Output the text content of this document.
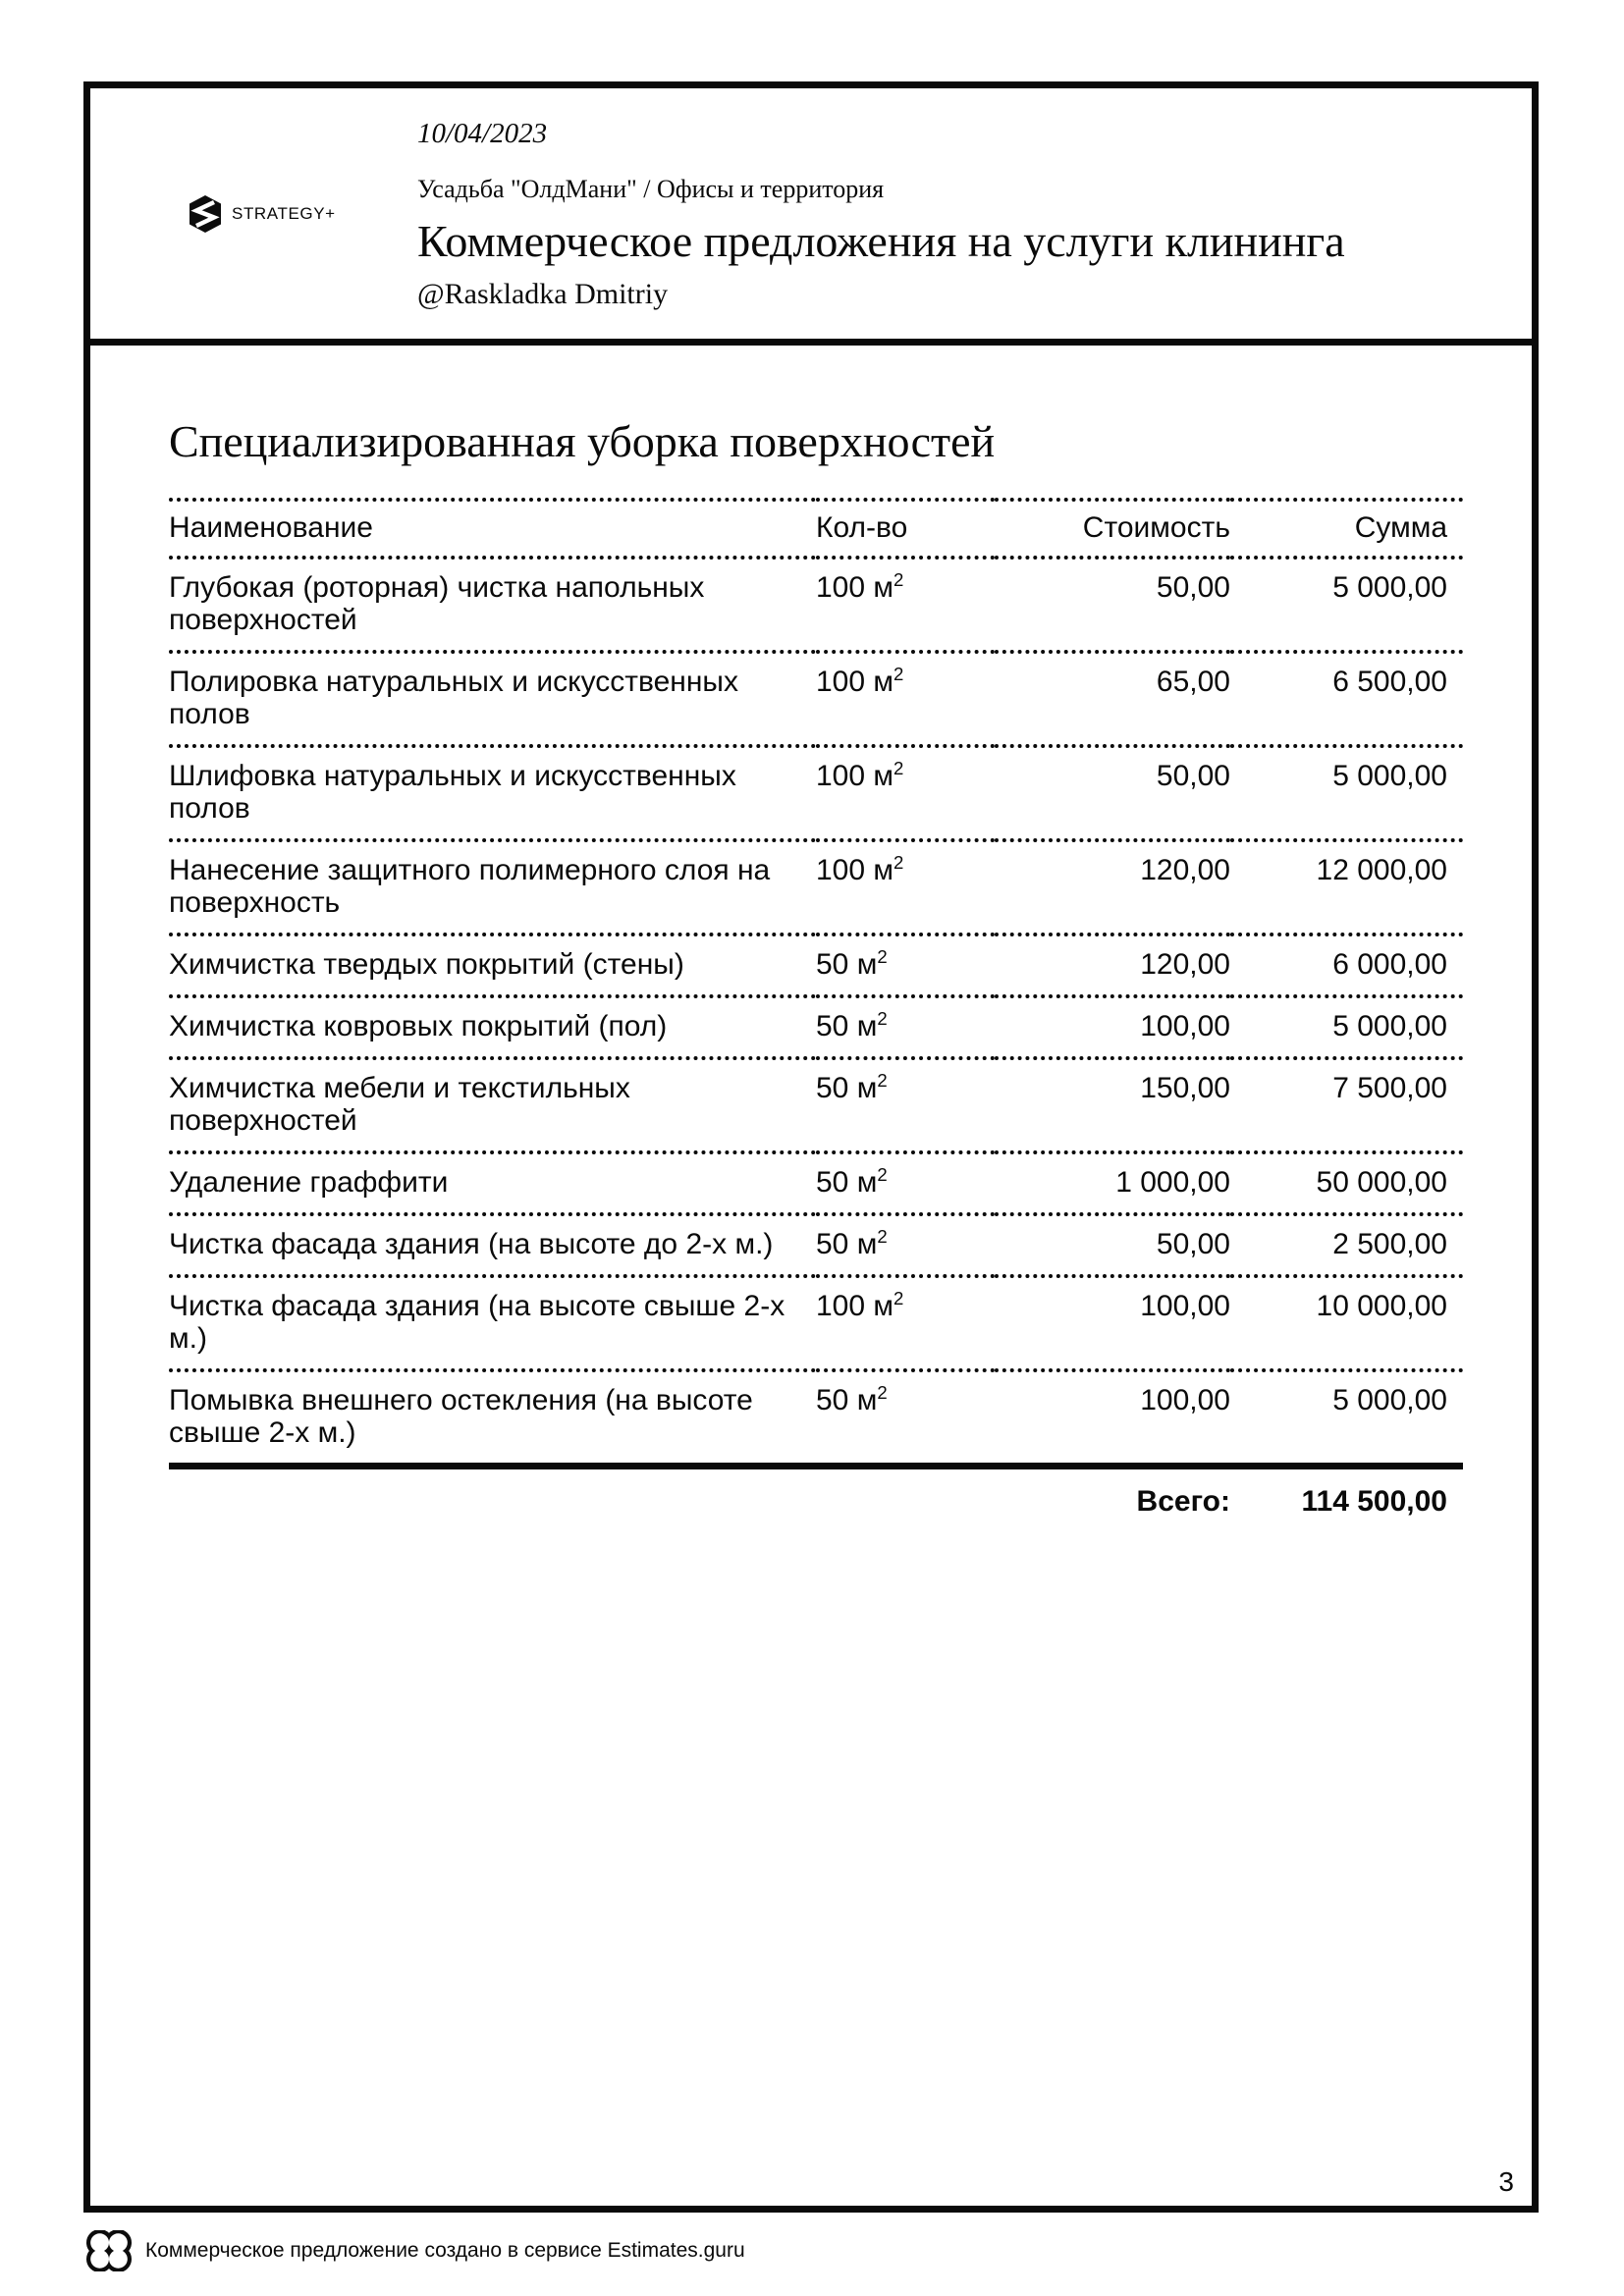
STRATEGY+
10/04/2023
Усадьба "ОлдМани" / Офисы и территория
Коммерческое предложения на услуги клининга
@Raskladka Dmitriy
Специализированная уборка поверхностей
Наименование	Кол-во	Стоимость	Сумма
Глубокая (роторная) чистка напольных поверхностей	100 $м^2$	50,00	5 000,00
Полировка натуральных и искусственных полов	100 $м^2$	65,00	6 500,00
Шлифовка натуральных и искусственных полов	100 $м^2$	50,00	5 000,00
Нанесение защитного полимерного слоя на поверхность	100 $м^2$	120,00	12 000,00
Химчистка твердых покрытий (стены)	50 $м^2$	120,00	6 000,00
Химчистка ковровых покрытий (пол)	50 $м^2$	100,00	5 000,00
Химчистка мебели и текстильных поверхностей	50 $м^2$	150,00	7 500,00
Удаление граффити	50 $м^2$	1 000,00	50 000,00
Чистка фасада здания (на высоте до 2-х м.)	50 $м^2$	50,00	2 500,00
Чистка фасада здания (на высоте свыше 2-х м.)	100 $м^2$	100,00	10 000,00
Помывка внешнего остекления (на высоте свыше 2-х м.)	50 $м^2$	100,00	5 000,00
		Всего:	114 500,00
3
Коммерческое предложение создано в сервисе Estimates.guru
